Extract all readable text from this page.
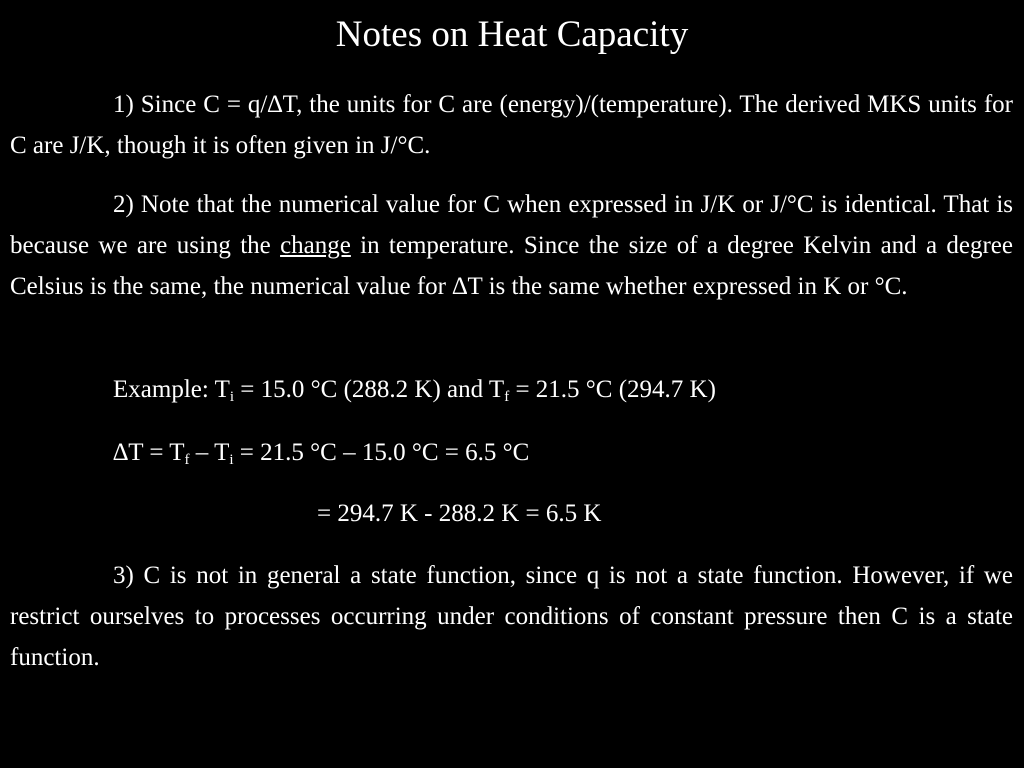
Notes on Heat Capacity
1) Since C = q/∆T, the units for C are (energy)/(temperature). The derived MKS units for C are J/K, though it is often given in J/°C.
2) Note that the numerical value for C when expressed in J/K or J/°C is identical. That is because we are using the change in temperature. Since the size of a degree Kelvin and a degree Celsius is the same, the numerical value for ∆T is the same whether expressed in K or °C.
Example: $T_i = 15.0$ °C (288.2 K) and $T_f = 21.5$ °C (294.7 K)
$\Delta T = T_f - T_i = 21.5$ °C – 15.0 °C = 6.5 °C
= 294.7 K - 288.2 K = 6.5 K
3) C is not in general a state function, since q is not a state function. However, if we restrict ourselves to processes occurring under conditions of constant pressure then C is a state function.
